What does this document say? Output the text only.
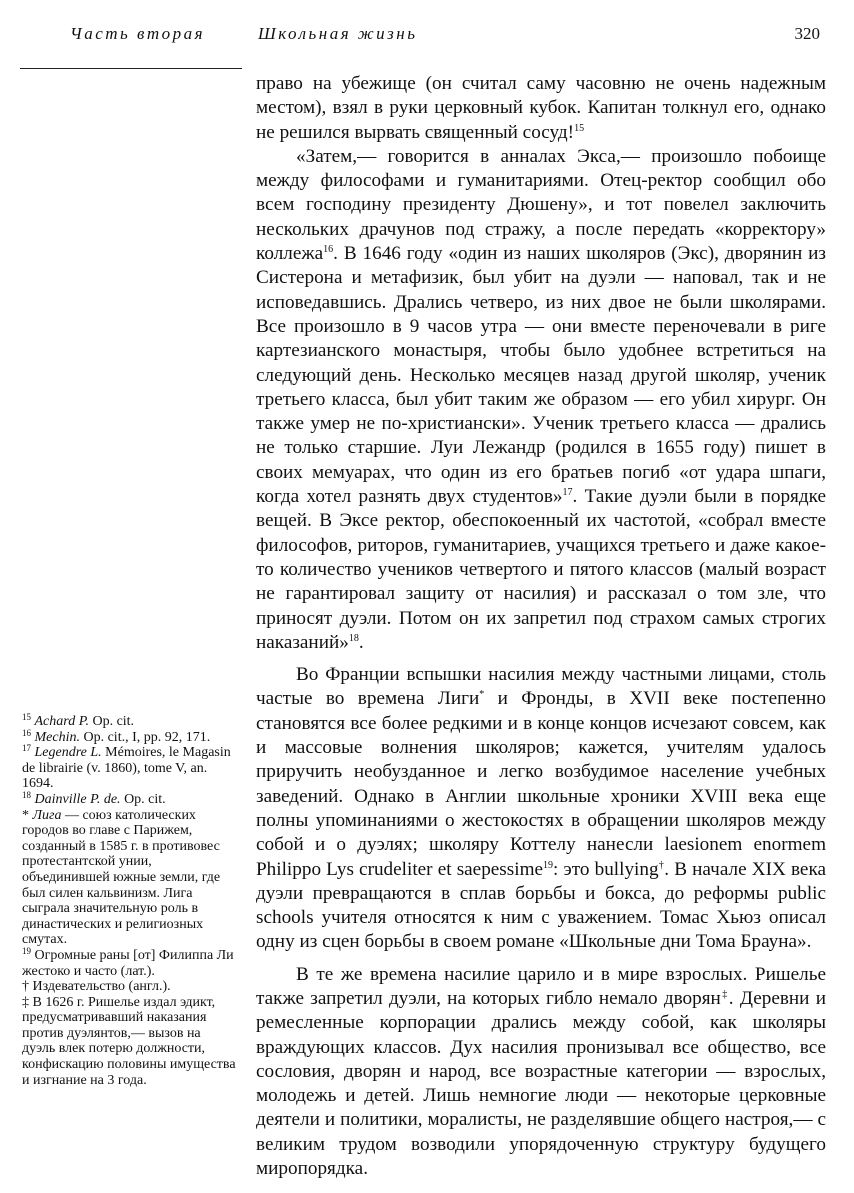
Часть вторая	Школьная жизнь	320

право на убежище (он считал саму часовню не очень надежным местом), взял в руки церковный кубок. Капитан толкнул его, однако не решился вырвать священный сосуд!$^{15}$

«Затем,— говорится в анналах Экса,— произошло побоище между философами и гуманитариями. Отец-ректор сообщил обо всем господину президенту Дюшену», и тот повелел заключить нескольких драчунов под стражу, а после передать «корректору» коллежа$^{16}$. В 1646 году «один из наших школяров (Экс), дворянин из Систерона и метафизик, был убит на дуэли — наповал, так и не исповедавшись. Дрались четверо, из них двое не были школярами. Все произошло в 9 часов утра — они вместе переночевали в риге картезианского монастыря, чтобы было удобнее встретиться на следующий день. Несколько месяцев назад другой школяр, ученик третьего класса, был убит таким же образом — его убил хирург. Он также умер не по-христиански». Ученик третьего класса — дрались не только старшие. Луи Лежандр (родился в 1655 году) пишет в своих мемуарах, что один из его братьев погиб «от удара шпаги, когда хотел разнять двух студентов»$^{17}$. Такие дуэли были в порядке вещей. В Эксе ректор, обеспокоенный их частотой, «собрал вместе философов, риторов, гуманитариев, учащихся третьего и даже какое-то количество учеников четвертого и пятого классов (малый возраст не гарантировал защиту от насилия) и рассказал о том зле, что приносят дуэли. Потом он их запретил под страхом самых строгих наказаний»$^{18}$.

Во Франции вспышки насилия между частными лицами, столь частые во времена Лиги* и Фронды, в XVII веке постепенно становятся все более редкими и в конце концов исчезают совсем, как и массовые волнения школяров; кажется, учителям удалось приручить необузданное и легко возбудимое население учебных заведений. Однако в Англии школьные хроники XVIII века еще полны упоминаниями о жестокостях в обращении школяров между собой и о дуэлях; школяру Коттелу нанесли laesionem enormem Philippo Lys crudeliter et saepessime$^{19}$: это bullying†. В начале XIX века дуэли превращаются в сплав борьбы и бокса, до реформы public schools учителя относятся к ним с уважением. Томас Хьюз описал одну из сцен борьбы в своем романе «Школьные дни Тома Брауна».

В те же времена насилие царило и в мире взрослых. Ришелье также запретил дуэли, на которых гибло немало дворян‡. Деревни и ремесленные корпорации дрались между собой, как школяры враждующих классов. Дух насилия пронизывал все общество, все сословия, дворян и народ, все возрастные категории — взрослых, молодежь и детей. Лишь немногие люди — некоторые церковные деятели и политики, моралисты, не разделявшие общего настроя,— с великим трудом возводили упорядоченную структуру будущего миропорядка.

$^{15}$ Achard P. Op. cit.

$^{16}$ Mechin. Op. cit., I, pp. 92, 171.

$^{17}$ Legendre L. Mémoires, le Magasin de librairie (v. 1860), tome V, an. 1694.

$^{18}$ Dainville P. de. Op. cit.

* Лига — союз католических городов во главе с Парижем, созданный в 1585 г. в противовес протестантской унии, объединившей южные земли, где был силен кальвинизм. Лига сыграла значительную роль в династических и религиозных смутах.

$^{19}$ Огромные раны [от] Филиппа Ли жестоко и часто (лат.).

† Издевательство (англ.).

‡ В 1626 г. Ришелье издал эдикт, предусматривавший наказания против дуэлянтов,— вызов на дуэль влек потерю должности, конфискацию половины имущества и изгнание на 3 года.
